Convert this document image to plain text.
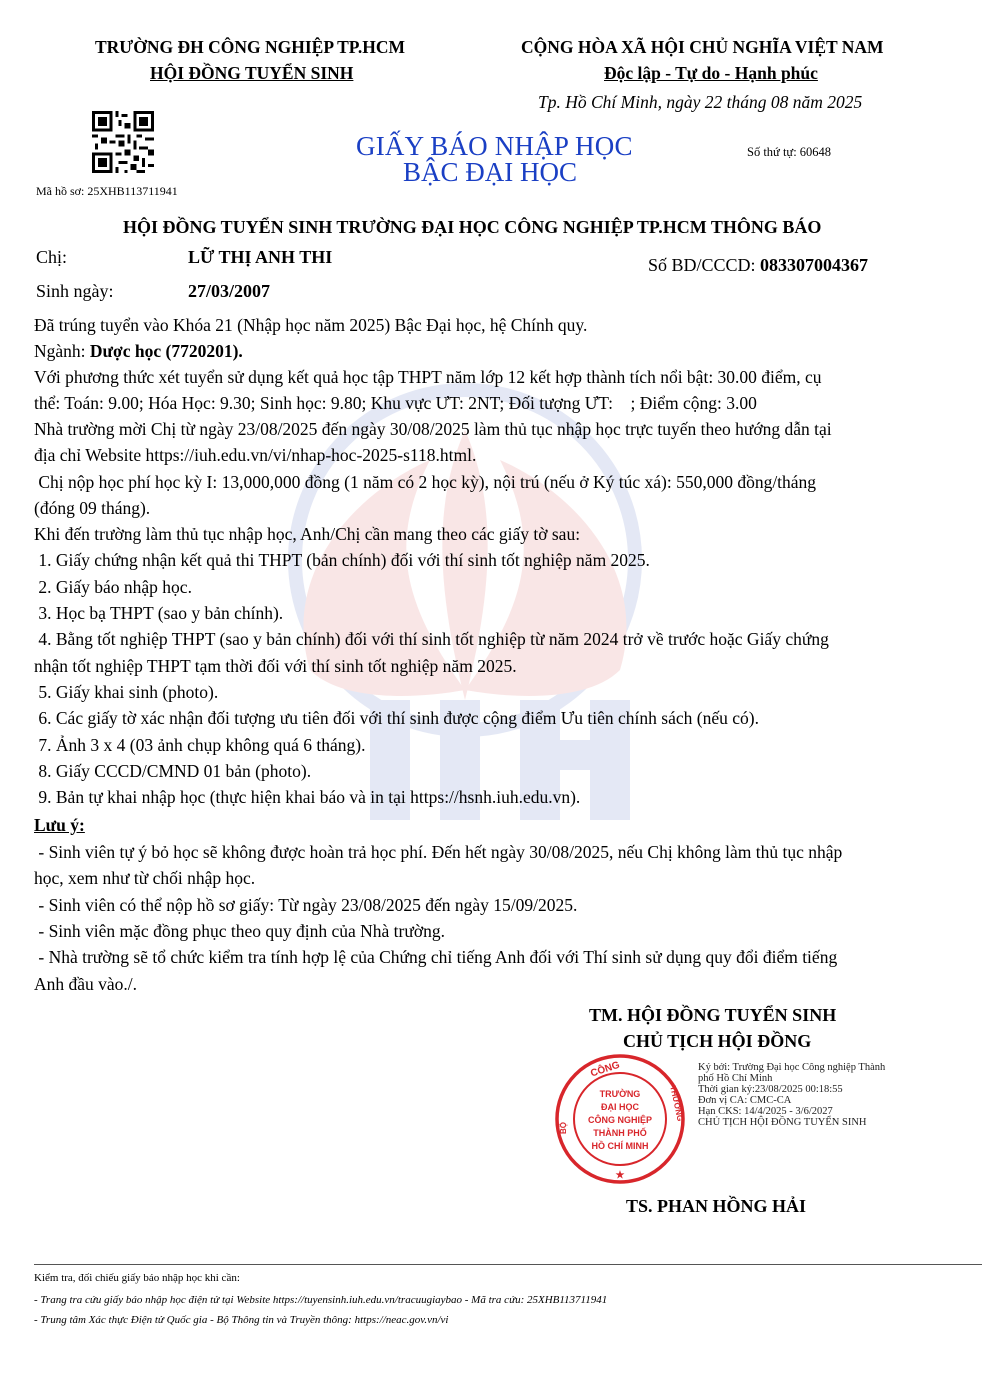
TRƯỜNG ĐH CÔNG NGHIỆP TP.HCM
HỘI ĐỒNG TUYỂN SINH
CỘNG HÒA XÃ HỘI CHỦ NGHĨA VIỆT NAM
Độc lập - Tự do - Hạnh phúc
Tp. Hồ Chí Minh, ngày 22 tháng 08 năm 2025
Mã hồ sơ: 25XHB113711941
GIẤY BÁO NHẬP HỌC
BẬC ĐẠI HỌC
Số thứ tự: 60648
HỘI ĐỒNG TUYỂN SINH TRƯỜNG ĐẠI HỌC CÔNG NGHIỆP TP.HCM THÔNG BÁO
Chị:	LỮ THỊ ANH THI	Số BD/CCCD: 083307004367
Sinh ngày:	27/03/2007
Đã trúng tuyển vào Khóa 21 (Nhập học năm 2025) Bậc Đại học, hệ Chính quy.
Ngành: Dược học (7720201).
Với phương thức xét tuyển sử dụng kết quả học tập THPT năm lớp 12 kết hợp thành tích nổi bật: 30.00 điểm, cụ
thể: Toán: 9.00; Hóa Học: 9.30; Sinh học: 9.80; Khu vực ƯT: 2NT; Đối tượng ƯT:    ; Điểm cộng: 3.00
Nhà trường mời Chị từ ngày 23/08/2025 đến ngày 30/08/2025 làm thủ tục nhập học trực tuyến theo hướng dẫn tại
địa chỉ Website https://iuh.edu.vn/vi/nhap-hoc-2025-s118.html.
Chị nộp học phí học kỳ I: 13,000,000 đồng (1 năm có 2 học kỳ), nội trú (nếu ở Ký túc xá): 550,000 đồng/tháng
(đóng 09 tháng).
Khi đến trường làm thủ tục nhập học, Anh/Chị cần mang theo các giấy tờ sau:
1. Giấy chứng nhận kết quả thi THPT (bản chính) đối với thí sinh tốt nghiệp năm 2025.
2. Giấy báo nhập học.
3. Học bạ THPT (sao y bản chính).
4. Bằng tốt nghiệp THPT (sao y bản chính) đối với thí sinh tốt nghiệp từ năm 2024 trở về trước hoặc Giấy chứng
nhận tốt nghiệp THPT tạm thời đối với thí sinh tốt nghiệp năm 2025.
5. Giấy khai sinh (photo).
6. Các giấy tờ xác nhận đối tượng ưu tiên đối với thí sinh được cộng điểm Ưu tiên chính sách (nếu có).
7. Ảnh 3 x 4 (03 ảnh chụp không quá 6 tháng).
8. Giấy CCCD/CMND 01 bản (photo).
9. Bản tự khai nhập học (thực hiện khai báo và in tại https://hsnh.iuh.edu.vn).
Lưu ý:
- Sinh viên tự ý bỏ học sẽ không được hoàn trả học phí. Đến hết ngày 30/08/2025, nếu Chị không làm thủ tục nhập
học, xem như từ chối nhập học.
- Sinh viên có thể nộp hồ sơ giấy: Từ ngày 23/08/2025 đến ngày 15/09/2025.
- Sinh viên mặc đồng phục theo quy định của Nhà trường.
- Nhà trường sẽ tổ chức kiểm tra tính hợp lệ của Chứng chỉ tiếng Anh đối với Thí sinh sử dụng quy đổi điểm tiếng
Anh đầu vào./.
TM. HỘI ĐỒNG TUYỂN SINH
CHỦ TỊCH HỘI ĐỒNG
CÔNG
THƯƠNG
BỘ
TRƯỜNG
ĐẠI HỌC
CÔNG NGHIỆP
THÀNH PHỐ
HỒ CHÍ MINH
★
Ký bởi: Trường Đại học Công nghiệp Thành
phố Hồ Chí Minh
Thời gian ký:23/08/2025 00:18:55
Đơn vị CA: CMC-CA
Hạn CKS: 14/4/2025 - 3/6/2027
CHỦ TỊCH HỘI ĐỒNG TUYỂN SINH
TS. PHAN HỒNG HẢI
Kiểm tra, đối chiếu giấy báo nhập học khi cần:
- Trang tra cứu giấy báo nhập học điện tử tại Website https://tuyensinh.iuh.edu.vn/tracuugiaybao - Mã tra cứu: 25XHB113711941
- Trung tâm Xác thực Điện tử Quốc gia - Bộ Thông tin và Truyền thông: https://neac.gov.vn/vi
